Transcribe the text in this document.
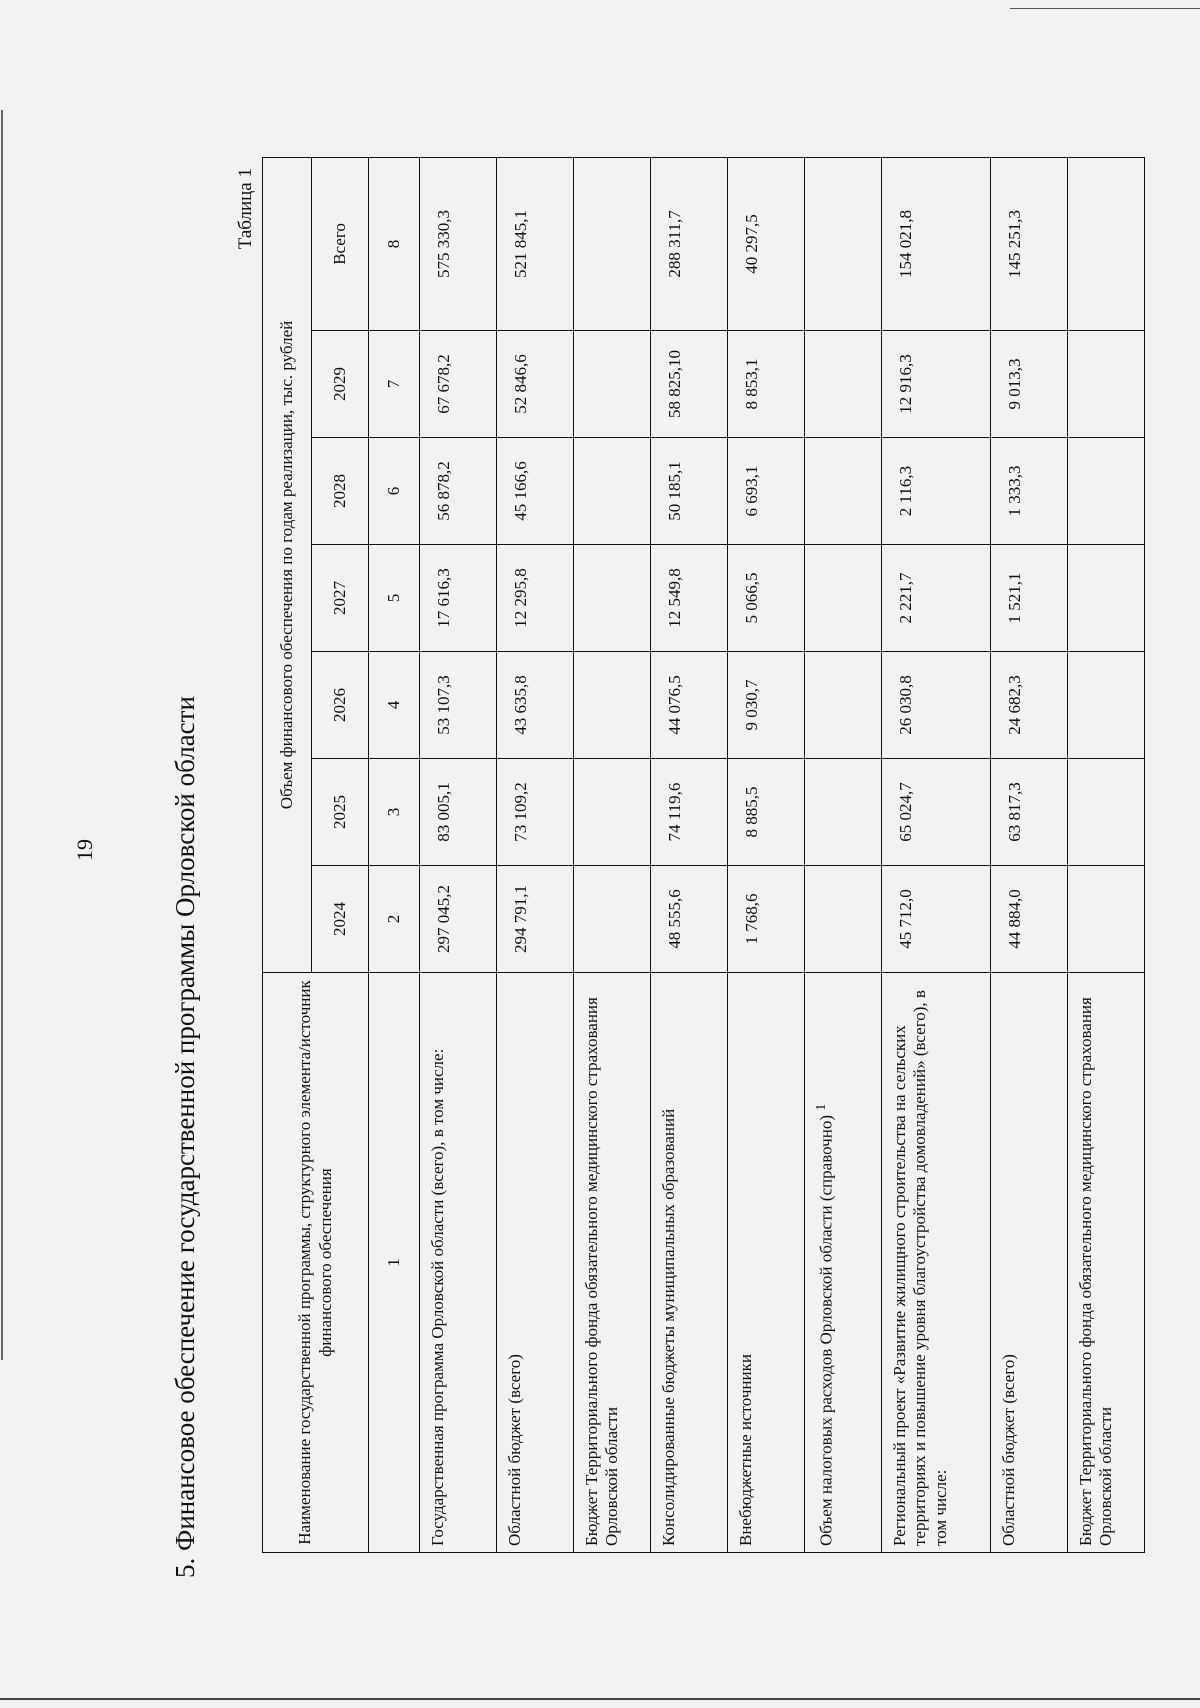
19	5. Финансовое обеспечение государственной программы Орловской области
Таблица 1
Наименование государственной программы, структурного элемента/источник финансового обеспечения	Объем финансового обеспечения по годам реализации, тыс. рублей						
	2024	2025	2026	2027	2028	2029	Всего
1	2	3	4	5	6	7	8
Государственная программа Орловской области (всего), в том числе:	297 045,2	83 005,1	53 107,3	17 616,3	56 878,2	67 678,2	575 330,3
Областной бюджет (всего)	294 791,1	73 109,2	43 635,8	12 295,8	45 166,6	52 846,6	521 845,1
Бюджет Территориального фонда обязательного медицинского страхования Орловской области							
Консолидированные бюджеты муниципальных образований	48 555,6	74 119,6	44 076,5	12 549,8	50 185,1	58 825,10	288 311,7
Внебюджетные источники	1 768,6	8 885,5	9 030,7	5 066,5	6 693,1	8 853,1	40 297,5
Объем налоговых расходов Орловской области (справочно) $^1$							
Региональный проект «Развитие жилищного строительства на сельских территориях и повышение уровня благоустройства домовладений» (всего), в том числе:	45 712,0	65 024,7	26 030,8	2 221,7	2 116,3	12 916,3	154 021,8
Областной бюджет (всего)	44 884,0	63 817,3	24 682,3	1 521,1	1 333,3	9 013,3	145 251,3
Бюджет Территориального фонда обязательного медицинского страхования Орловской области							
